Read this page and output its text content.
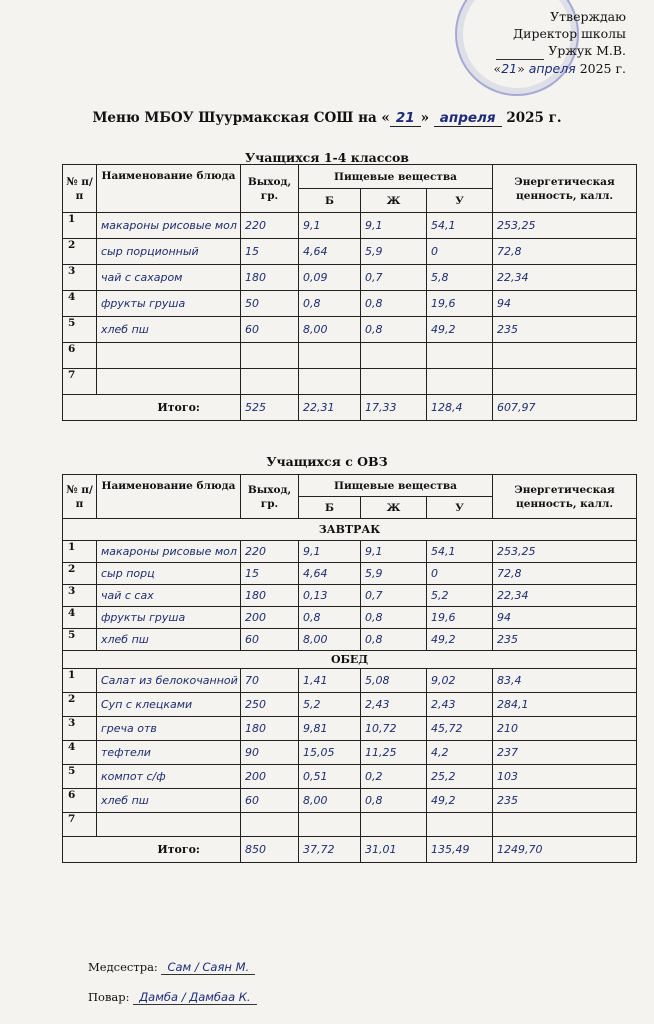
Утверждаю
Директор школы
Уржук М.В.
«21» апреля 2025 г.
Меню МБОУ Шуурмакская СОШ на « 21 » апреля 2025 г.
Учащихся 1-4 классов
№ п/п	Наименование блюда	Выход, гр.	Пищевые вещества			Энергетическая ценность, калл.
			Б	Ж	У	
1	макароны рисовые мол	220	9,1	9,1	54,1	253,25
2	сыр порционный	15	4,64	5,9	0	72,8
3	чай с сахаром	180	0,09	0,7	5,8	22,34
4	фрукты груша	50	0,8	0,8	19,6	94
5	хлеб пш	60	8,00	0,8	49,2	235
6						
7						
Итого:		525	22,31	17,33	128,4	607,97
Учащихся с ОВЗ
№ п/п	Наименование блюда	Выход, гр.	Пищевые вещества			Энергетическая ценность, калл.
			Б	Ж	У	
ЗАВТРАК						
1	макароны рисовые мол	220	9,1	9,1	54,1	253,25
2	сыр порц	15	4,64	5,9	0	72,8
3	чай с сах	180	0,13	0,7	5,2	22,34
4	фрукты груша	200	0,8	0,8	19,6	94
5	хлеб пш	60	8,00	0,8	49,2	235
ОБЕД						
1	Салат из белокочанной	70	1,41	5,08	9,02	83,4
2	Суп с клецками	250	5,2	2,43	2,43	284,1
3	греча отв	180	9,81	10,72	45,72	210
4	тефтели	90	15,05	11,25	4,2	237
5	компот с/ф	200	0,51	0,2	25,2	103
6	хлеб пш	60	8,00	0,8	49,2	235
7						
Итого:		850	37,72	31,01	135,49	1249,70
Медсестра: Сам / Саян М.
Повар: Дамба / Дамбаа К.
